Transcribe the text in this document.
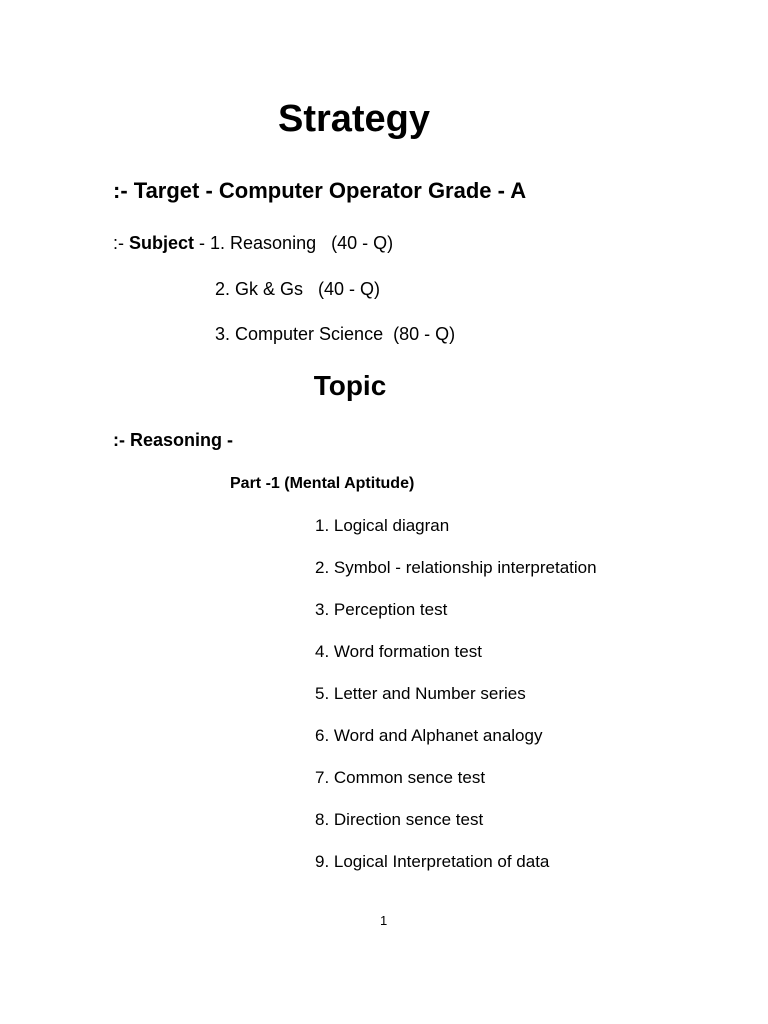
Strategy
:- Target - Computer Operator Grade - A
:- Subject - 1. Reasoning   (40 - Q)
2. Gk & Gs   (40 - Q)
3. Computer Science  (80 - Q)
Topic
:- Reasoning -
Part -1 (Mental Aptitude)
1. Logical diagran
2. Symbol - relationship interpretation
3. Perception test
4. Word formation test
5. Letter and Number series
6. Word and Alphanet analogy
7. Common sence test
8. Direction sence test
9. Logical Interpretation of data
1
